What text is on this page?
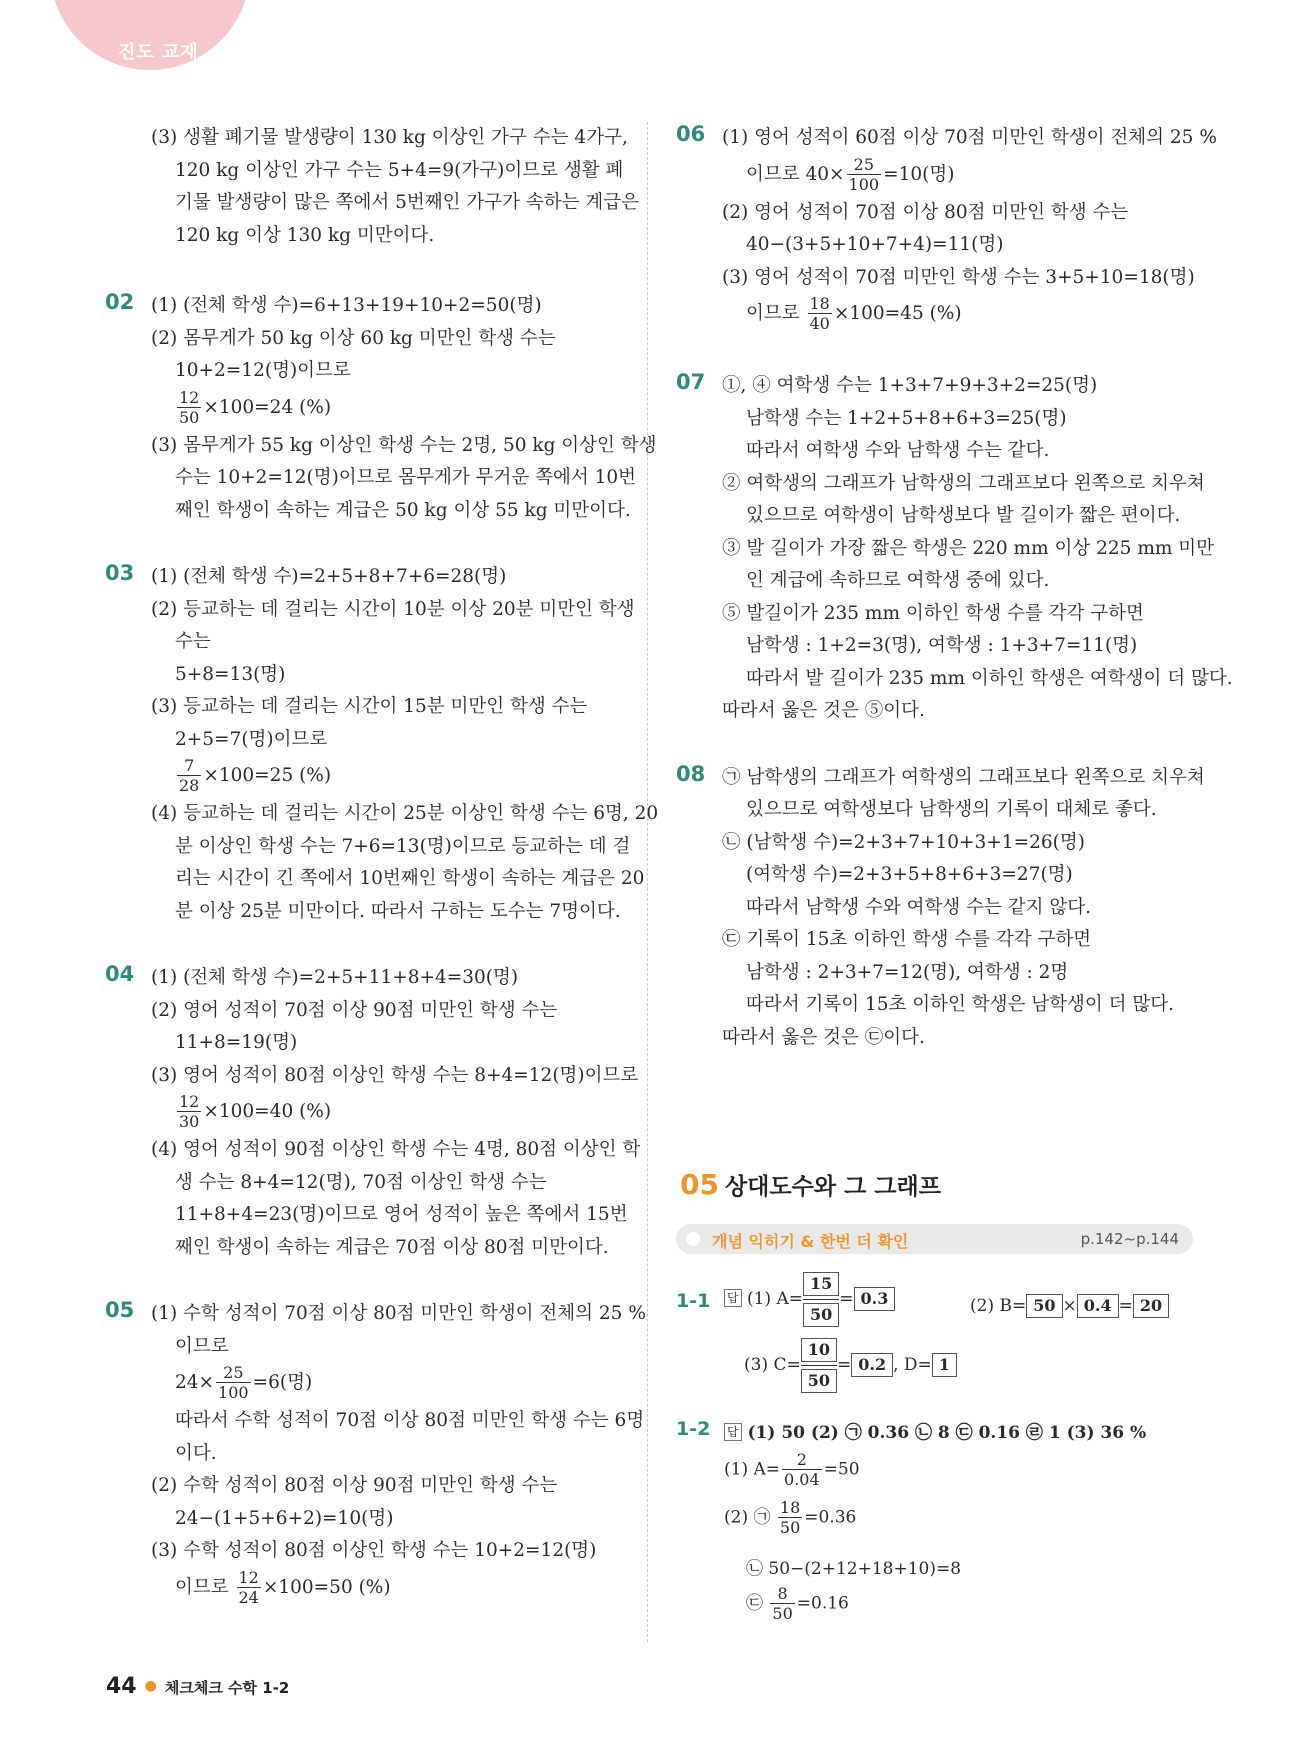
진도 교재
(3) 생활 폐기물 발생량이 130 kg 이상인 가구 수는 4가구,
120 kg 이상인 가구 수는 5+4=9(가구)이므로 생활 폐
기물 발생량이 많은 쪽에서 5번째인 가구가 속하는 계급은
120 kg 이상 130 kg 미만이다.
02 (1) (전체 학생 수)=6+13+19+10+2=50(명)
(2) 몸무게가 50 kg 이상 60 kg 미만인 학생 수는
10+2=12(명)이므로
$\frac{12}{50} \times 100=24$ (%)
(3) 몸무게가 55 kg 이상인 학생 수는 2명, 50 kg 이상인 학생
수는 10+2=12(명)이므로 몸무게가 무거운 쪽에서 10번
째인 학생이 속하는 계급은 50 kg 이상 55 kg 미만이다.
03 (1) (전체 학생 수)=2+5+8+7+6=28(명)
(2) 등교하는 데 걸리는 시간이 10분 이상 20분 미만인 학생
수는
5+8=13(명)
(3) 등교하는 데 걸리는 시간이 15분 미만인 학생 수는
2+5=7(명)이므로
$\frac{7}{28} \times 100=25$ (%)
(4) 등교하는 데 걸리는 시간이 25분 이상인 학생 수는 6명, 20
분 이상인 학생 수는 7+6=13(명)이므로 등교하는 데 걸
리는 시간이 긴 쪽에서 10번째인 학생이 속하는 계급은 20
분 이상 25분 미만이다. 따라서 구하는 도수는 7명이다.
04 (1) (전체 학생 수)=2+5+11+8+4=30(명)
(2) 영어 성적이 70점 이상 90점 미만인 학생 수는
11+8=19(명)
(3) 영어 성적이 80점 이상인 학생 수는 8+4=12(명)이므로
$\frac{12}{30} \times 100=40$ (%)
(4) 영어 성적이 90점 이상인 학생 수는 4명, 80점 이상인 학
생 수는 8+4=12(명), 70점 이상인 학생 수는
11+8+4=23(명)이므로 영어 성적이 높은 쪽에서 15번
째인 학생이 속하는 계급은 70점 이상 80점 미만이다.
05 (1) 수학 성적이 70점 이상 80점 미만인 학생이 전체의 25 %
이므로
$24\times \frac{25}{100} =6$(명)
따라서 수학 성적이 70점 이상 80점 미만인 학생 수는 6명
이다.
(2) 수학 성적이 80점 이상 90점 미만인 학생 수는
24−(1+5+6+2)=10(명)
(3) 수학 성적이 80점 이상인 학생 수는 10+2=12(명)
이므로 $\frac{12}{24} \times 100=50$ (%)
06 (1) 영어 성적이 60점 이상 70점 미만인 학생이 전체의 25 %
이므로 $40\times \frac{25}{100} =10$(명)
(2) 영어 성적이 70점 이상 80점 미만인 학생 수는
40−(3+5+10+7+4)=11(명)
(3) 영어 성적이 70점 미만인 학생 수는 3+5+10=18(명)
이므로 $\frac{18}{40} \times 100=45$ (%)
07 ①, ④ 여학생 수는 1+3+7+9+3+2=25(명)
남학생 수는 1+2+5+8+6+3=25(명)
따라서 여학생 수와 남학생 수는 같다.
② 여학생의 그래프가 남학생의 그래프보다 왼쪽으로 치우쳐
있으므로 여학생이 남학생보다 발 길이가 짧은 편이다.
③ 발 길이가 가장 짧은 학생은 220 mm 이상 225 mm 미만
인 계급에 속하므로 여학생 중에 있다.
⑤ 발길이가 235 mm 이하인 학생 수를 각각 구하면
남학생 : 1+2=3(명), 여학생 : 1+3+7=11(명)
따라서 발 길이가 235 mm 이하인 학생은 여학생이 더 많다.
따라서 옳은 것은 ⑤이다.
08 ㉠ 남학생의 그래프가 여학생의 그래프보다 왼쪽으로 치우쳐
있으므로 여학생보다 남학생의 기록이 대체로 좋다.
㉡ (남학생 수)=2+3+7+10+3+1=26(명)
(여학생 수)=2+3+5+8+6+3=27(명)
따라서 남학생 수와 여학생 수는 같지 않다.
㉢ 기록이 15초 이하인 학생 수를 각각 구하면
남학생 : 2+3+7=12(명), 여학생 : 2명
따라서 기록이 15초 이하인 학생은 남학생이 더 많다.
따라서 옳은 것은 ㉢이다.
05 상대도수와 그 그래프
개념 익히기 & 한번 더 확인	p.142~p.144
1-1 답 (1) $A= \frac{15}{50} = 0.3$	(2) B= 50 × 0.4 = 20
(3) $C= \frac{10}{50} = 0.2$ , D= 1
1-2 답 (1) 50 (2) ㉠ 0.36 ㉡ 8 ㉢ 0.16 ㉣ 1 (3) 36 %
(1) $A= \frac{2}{0.04} =50$
(2) ㉠ $\frac{18}{50} =0.36$
㉡ 50−(2+12+18+10)=8
㉢ $\frac{8}{50} =0.16$
44 ● 체크체크 수학 1-2
